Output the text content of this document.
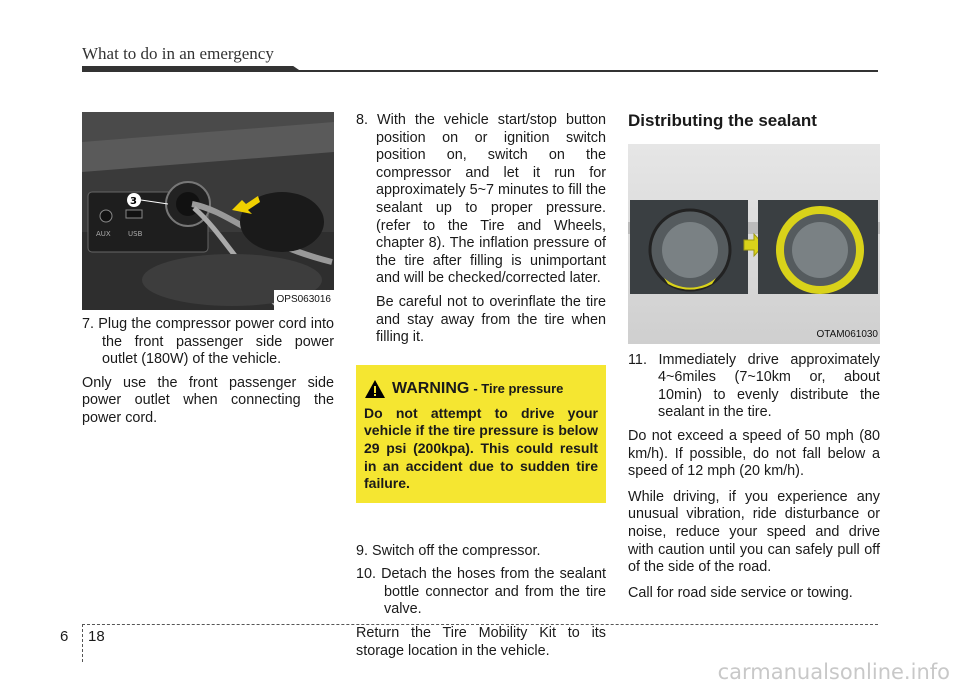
What to do in an emergency
AUX USB
3
OPS063016

7. Plug the compressor power cord into the front passenger side power outlet (180W) of the vehicle.

Only use the front passenger side power outlet when connecting the power cord.

8. With the vehicle start/stop button position on or ignition switch position on, switch on the compressor and let it run for approximately 5~7 minutes to fill the sealant up to proper pressure. (refer to the Tire and Wheels, chapter 8). The inflation pressure of the tire after filling is unimportant and will be checked/corrected later.

Be careful not to overinflate the tire and stay away from the tire when filling it.

WARNING - Tire pressure
Do not attempt to drive your vehicle if the tire pressure is below 29 psi (200kpa). This could result in an accident due to sudden tire failure.

9. Switch off the compressor.

10. Detach the hoses from the sealant bottle connector and from the tire valve.

Return the Tire Mobility Kit to its storage location in the vehicle.

Distributing the sealant
OTAM061030

11. Immediately drive approximately 4~6miles (7~10km or, about 10min) to evenly distribute the sealant in the tire.

Do not exceed a speed of 50 mph (80 km/h). If possible, do not fall below a speed of 12 mph (20 km/h).

While driving, if you experience any unusual vibration, ride disturbance or noise, reduce your speed and drive with caution until you can safely pull off of the side of the road.

Call for road side service or towing.

6 18
carmanualsonline.info
